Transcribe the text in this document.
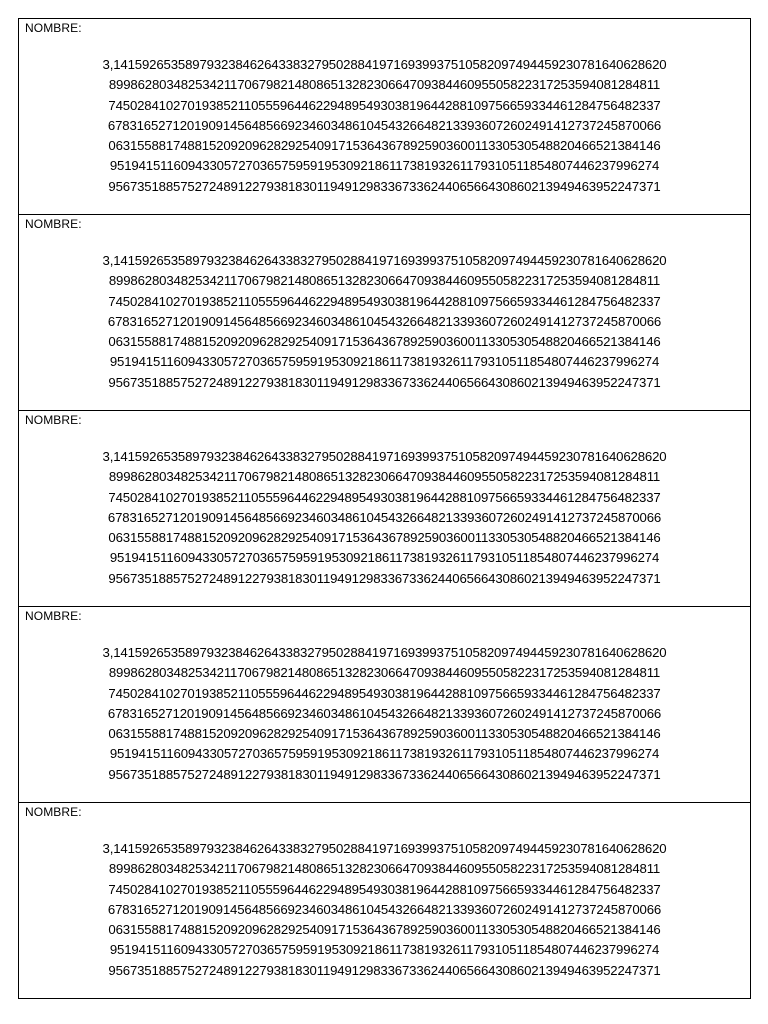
NOMBRE:
3,14159265358979323846264338327950288419716939937510582097494459230781640628620
89986280348253421170679821480865132823066470938446095505822317253594081284811
74502841027019385211055596446229489549303819644288109756659334461284756482337
67831652712019091456485669234603486104543266482133936072602491412737245870066
06315588174881520920962829254091715364367892590360011330530548820466521384146
95194151160943305727036575959195309218611738193261179310511854807446237996274
95673518857527248912279381830119491298336733624406566430860213949463952247371
NOMBRE:
3,14159265358979323846264338327950288419716939937510582097494459230781640628620
89986280348253421170679821480865132823066470938446095505822317253594081284811
74502841027019385211055596446229489549303819644288109756659334461284756482337
67831652712019091456485669234603486104543266482133936072602491412737245870066
06315588174881520920962829254091715364367892590360011330530548820466521384146
95194151160943305727036575959195309218611738193261179310511854807446237996274
95673518857527248912279381830119491298336733624406566430860213949463952247371
NOMBRE:
3,14159265358979323846264338327950288419716939937510582097494459230781640628620
89986280348253421170679821480865132823066470938446095505822317253594081284811
74502841027019385211055596446229489549303819644288109756659334461284756482337
67831652712019091456485669234603486104543266482133936072602491412737245870066
06315588174881520920962829254091715364367892590360011330530548820466521384146
95194151160943305727036575959195309218611738193261179310511854807446237996274
95673518857527248912279381830119491298336733624406566430860213949463952247371
NOMBRE:
3,14159265358979323846264338327950288419716939937510582097494459230781640628620
89986280348253421170679821480865132823066470938446095505822317253594081284811
74502841027019385211055596446229489549303819644288109756659334461284756482337
67831652712019091456485669234603486104543266482133936072602491412737245870066
06315588174881520920962829254091715364367892590360011330530548820466521384146
95194151160943305727036575959195309218611738193261179310511854807446237996274
95673518857527248912279381830119491298336733624406566430860213949463952247371
NOMBRE:
3,14159265358979323846264338327950288419716939937510582097494459230781640628620
89986280348253421170679821480865132823066470938446095505822317253594081284811
74502841027019385211055596446229489549303819644288109756659334461284756482337
67831652712019091456485669234603486104543266482133936072602491412737245870066
06315588174881520920962829254091715364367892590360011330530548820466521384146
95194151160943305727036575959195309218611738193261179310511854807446237996274
95673518857527248912279381830119491298336733624406566430860213949463952247371
